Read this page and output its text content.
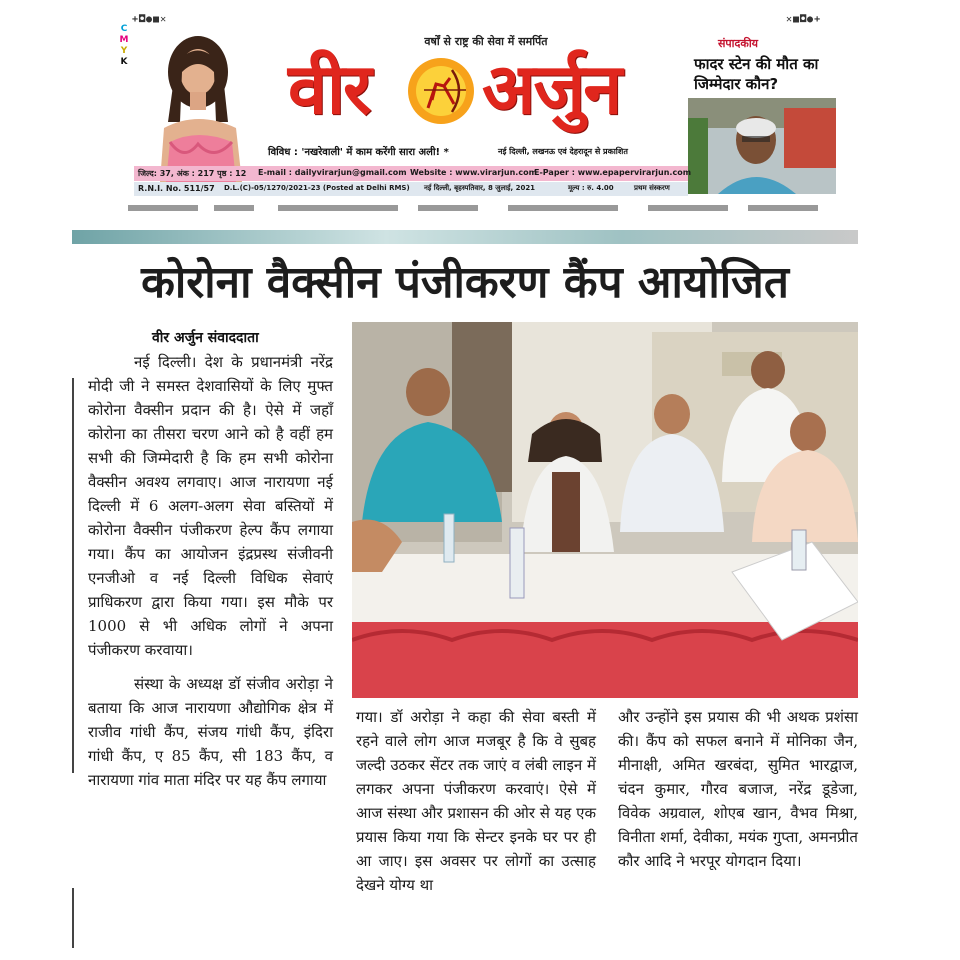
+◘●■✕	✕■◘●+
C
M
Y
K
वर्षों से राष्ट्र की सेवा में समर्पित
वीर अर्जुन
संपादकीय
फादर स्टेन की मौत का जिम्मेदार कौन?
विविध : 'नखरेवाली' में काम करेंगी सारा अली! *	नई दिल्ली, लखनऊ एवं देहरादून से प्रकाशित
जिल्द: 37, अंक : 217 पृष्ठ : 12 E-mail : dailyvirarjun@gmail.com Website : www.virarjun.com
E-Paper : www.epapervirarjun.com
R.N.I. No. 511/57 D.L.(C)-05/1270/2021-23 (Posted at Delhi RMS) नई दिल्ली, बृहस्पतिवार, 8 जुलाई, 2021	मूल्य : रु. 4.00	प्रथम संस्करण
कोरोना वैक्सीन पंजीकरण कैंप आयोजित
वीर अर्जुन संवाददाता

नई दिल्ली। देश के प्रधानमंत्री नरेंद्र मोदी जी ने समस्त देशवासियों के लिए मुफ्त कोरोना वैक्सीन प्रदान की है। ऐसे में जहाँ कोरोना का तीसरा चरण आने को है वहीं हम सभी की जिम्मेदारी है कि हम सभी कोरोना वैक्सीन अवश्य लगवाए। आज नारायणा नई दिल्ली में 6 अलग-अलग सेवा बस्तियों में कोरोना वैक्सीन पंजीकरण हेल्प कैंप लगाया गया। कैंप का आयोजन इंद्रप्रस्थ संजीवनी एनजीओ व नई दिल्ली विधिक सेवाएं प्राधिकरण द्वारा किया गया। इस मौके पर 1000 से भी अधिक लोगों ने अपना पंजीकरण करवाया।

संस्था के अध्यक्ष डॉ संजीव अरोड़ा ने बताया कि आज नारायणा औद्योगिक क्षेत्र में राजीव गांधी कैंप, संजय गांधी कैंप, इंदिरा गांधी कैंप, ए 85 कैंप, सी 183 कैंप, व नारायणा गांव माता मंदिर पर यह कैंप लगाया

गया। डॉ अरोड़ा ने कहा की सेवा बस्ती में रहने वाले लोग आज मजबूर है कि वे सुबह जल्दी उठकर सेंटर तक जाएं व लंबी लाइन में लगकर अपना पंजीकरण करवाएं। ऐसे में आज संस्था और प्रशासन की ओर से यह एक प्रयास किया गया कि सेन्टर इनके घर पर ही आ जाए। इस अवसर पर लोगों का उत्साह देखने योग्य था

और उन्होंने इस प्रयास की भी अथक प्रशंसा की। कैंप को सफल बनाने में मोनिका जैन, मीनाक्षी, अमित खरबंदा, सुमित भारद्वाज, चंदन कुमार, गौरव बजाज, नरेंद्र डूडेजा, विवेक अग्रवाल, शोएब खान, वैभव मिश्रा, विनीता शर्मा, देवीका, मयंक गुप्ता, अमनप्रीत कौर आदि ने भरपूर योगदान दिया।
